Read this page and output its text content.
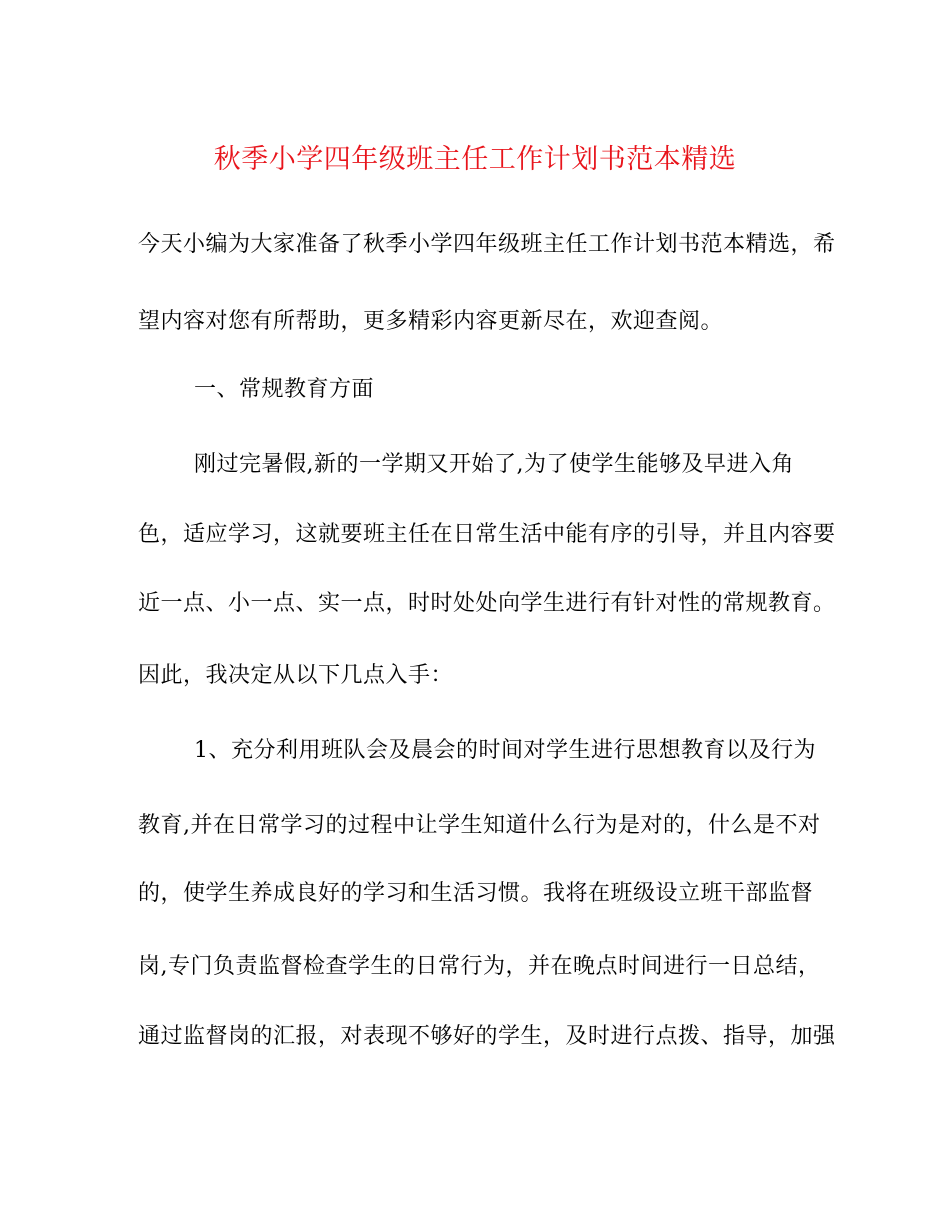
秋季小学四年级班主任工作计划书范本精选
今天小编为大家准备了秋季小学四年级班主任工作计划书范本精选，希
望内容对您有所帮助，更多精彩内容更新尽在，欢迎查阅。
一、常规教育方面
刚过完暑假,新的一学期又开始了,为了使学生能够及早进入角
色，适应学习，这就要班主任在日常生活中能有序的引导，并且内容要
近一点、小一点、实一点，时时处处向学生进行有针对性的常规教育。
因此，我决定从以下几点入手：
1、充分利用班队会及晨会的时间对学生进行思想教育以及行为
教育,并在日常学习的过程中让学生知道什么行为是对的，什么是不对
的，使学生养成良好的学习和生活习惯。我将在班级设立班干部监督
岗,专门负责监督检查学生的日常行为，并在晚点时间进行一日总结，
通过监督岗的汇报，对表现不够好的学生，及时进行点拨、指导，加强
